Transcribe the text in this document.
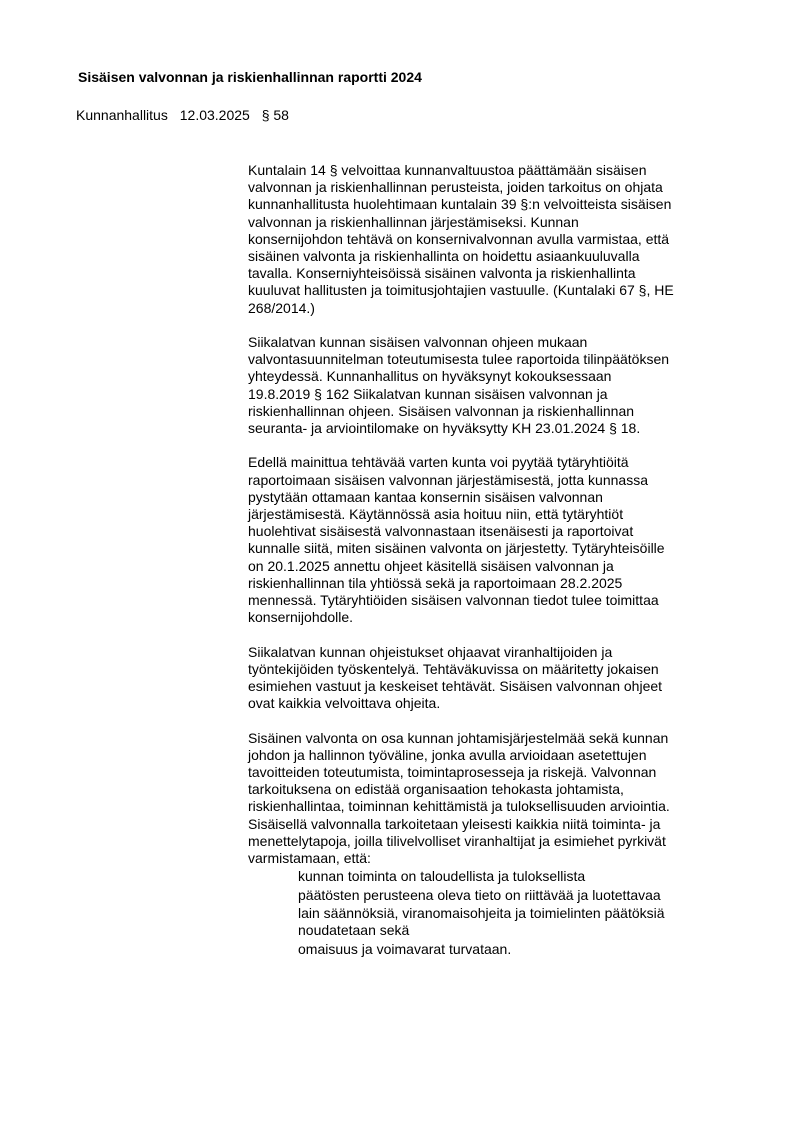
Sisäisen valvonnan ja riskienhallinnan raportti 2024
Kunnanhallitus 12.03.2025 § 58

Kuntalain 14 § velvoittaa kunnanvaltuustoa päättämään sisäisen
valvonnan ja riskienhallinnan perusteista, joiden tarkoitus on ohjata
kunnanhallitusta huolehtimaan kuntalain 39 §:n velvoitteista sisäisen
valvonnan ja riskienhallinnan järjestämiseksi. Kunnan
konsernijohdon tehtävä on konsernivalvonnan avulla varmistaa, että
sisäinen valvonta ja riskienhallinta on hoidettu asiaankuuluvalla
tavalla. Konserniyhteisöissä sisäinen valvonta ja riskienhallinta
kuuluvat hallitusten ja toimitusjohtajien vastuulle. (Kuntalaki 67 §, HE
268/2014.)

Siikalatvan kunnan sisäisen valvonnan ohjeen mukaan
valvontasuunnitelman toteutumisesta tulee raportoida tilinpäätöksen
yhteydessä. Kunnanhallitus on hyväksynyt kokouksessaan
19.8.2019 § 162 Siikalatvan kunnan sisäisen valvonnan ja
riskienhallinnan ohjeen. Sisäisen valvonnan ja riskienhallinnan
seuranta- ja arviointilomake on hyväksytty KH 23.01.2024 § 18.

Edellä mainittua tehtävää varten kunta voi pyytää tytäryhtiöitä
raportoimaan sisäisen valvonnan järjestämisestä, jotta kunnassa
pystytään ottamaan kantaa konsernin sisäisen valvonnan
järjestämisestä. Käytännössä asia hoituu niin, että tytäryhtiöt
huolehtivat sisäisestä valvonnastaan itsenäisesti ja raportoivat
kunnalle siitä, miten sisäinen valvonta on järjestetty. Tytäryhteisöille
on 20.1.2025 annettu ohjeet käsitellä sisäisen valvonnan ja
riskienhallinnan tila yhtiössä sekä ja raportoimaan 28.2.2025
mennessä. Tytäryhtiöiden sisäisen valvonnan tiedot tulee toimittaa
konsernijohdolle.

Siikalatvan kunnan ohjeistukset ohjaavat viranhaltijoiden ja
työntekijöiden työskentelyä. Tehtäväkuvissa on määritetty jokaisen
esimiehen vastuut ja keskeiset tehtävät. Sisäisen valvonnan ohjeet
ovat kaikkia velvoittava ohjeita.

Sisäinen valvonta on osa kunnan johtamisjärjestelmää sekä kunnan
johdon ja hallinnon työväline, jonka avulla arvioidaan asetettujen
tavoitteiden toteutumista, toimintaprosesseja ja riskejä. Valvonnan
tarkoituksena on edistää organisaation tehokasta johtamista,
riskienhallintaa, toiminnan kehittämistä ja tuloksellisuuden arviointia.
Sisäisellä valvonnalla tarkoitetaan yleisesti kaikkia niitä toiminta- ja
menettelytapoja, joilla tilivelvolliset viranhaltijat ja esimiehet pyrkivät
varmistamaan, että:

kunnan toiminta on taloudellista ja tuloksellista
päätösten perusteena oleva tieto on riittävää ja luotettavaa
lain säännöksiä, viranomaisohjeita ja toimielinten päätöksiä
noudatetaan sekä
omaisuus ja voimavarat turvataan.
